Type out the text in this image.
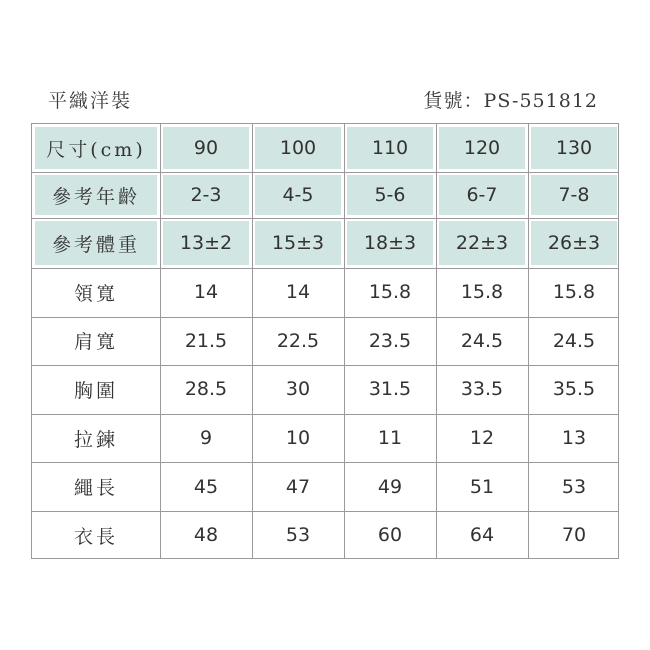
平織洋裝	貨號：PS-551812
尺寸(cm)	90	100	110	120	130
參考年齡	2-3	4-5	5-6	6-7	7-8
參考體重	13±2	15±3	18±3	22±3	26±3
領寬	14	14	15.8	15.8	15.8
肩寬	21.5	22.5	23.5	24.5	24.5
胸圍	28.5	30	31.5	33.5	35.5
拉鍊	9	10	11	12	13
繩長	45	47	49	51	53
衣長	48	53	60	64	70
